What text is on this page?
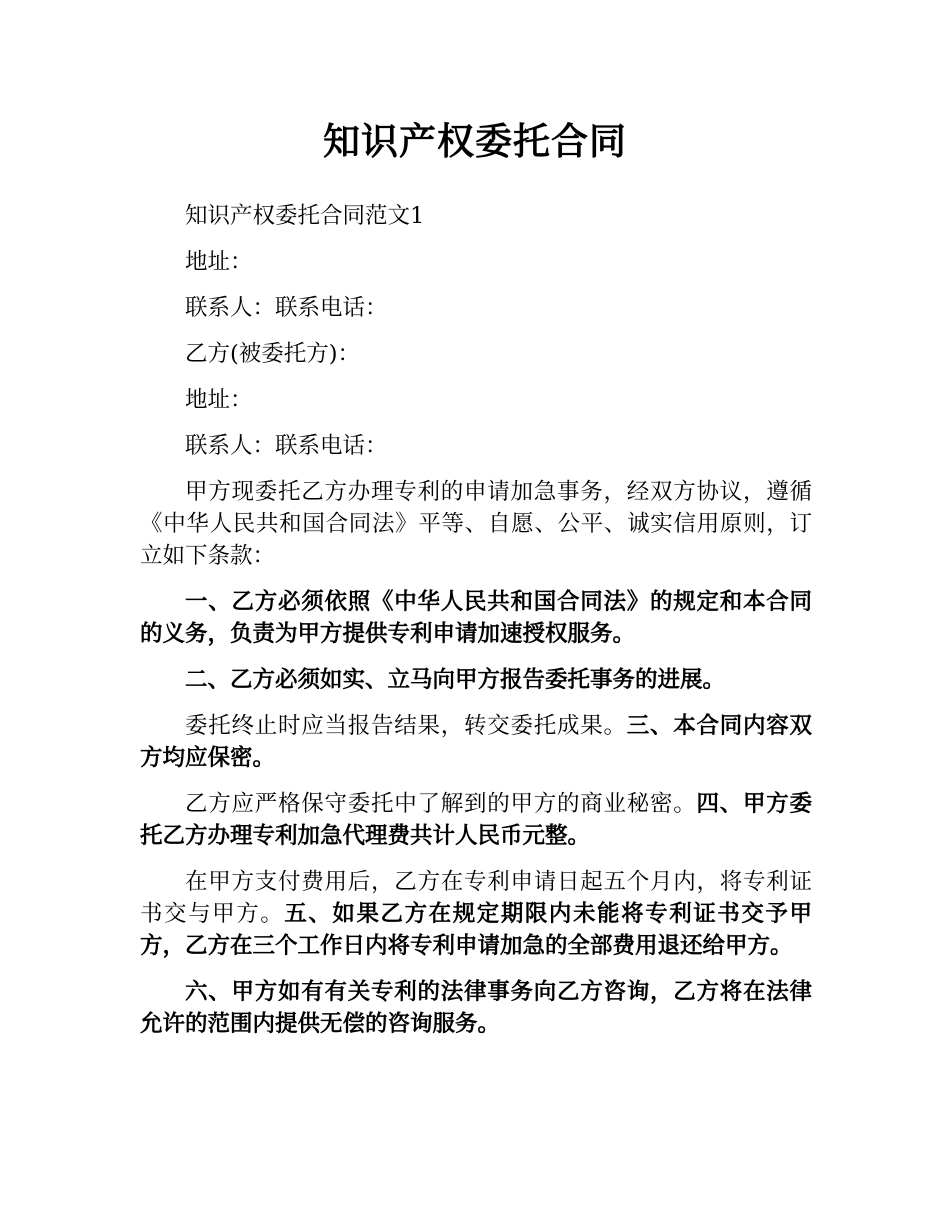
知识产权委托合同

知识产权委托合同范文1

地址：

联系人：联系电话：

乙方(被委托方)：

地址：

联系人：联系电话：

甲方现委托乙方办理专利的申请加急事务，经双方协议，遵循《中华人民共和国合同法》平等、自愿、公平、诚实信用原则，订立如下条款：

一、乙方必须依照《中华人民共和国合同法》的规定和本合同的义务，负责为甲方提供专利申请加速授权服务。

二、乙方必须如实、立马向甲方报告委托事务的进展。

委托终止时应当报告结果，转交委托成果。三、本合同内容双方均应保密。

乙方应严格保守委托中了解到的甲方的商业秘密。四、甲方委托乙方办理专利加急代理费共计人民币元整。

在甲方支付费用后，乙方在专利申请日起五个月内，将专利证书交与甲方。五、如果乙方在规定期限内未能将专利证书交予甲方，乙方在三个工作日内将专利申请加急的全部费用退还给甲方。

六、甲方如有有关专利的法律事务向乙方咨询，乙方将在法律允许的范围内提供无偿的咨询服务。
